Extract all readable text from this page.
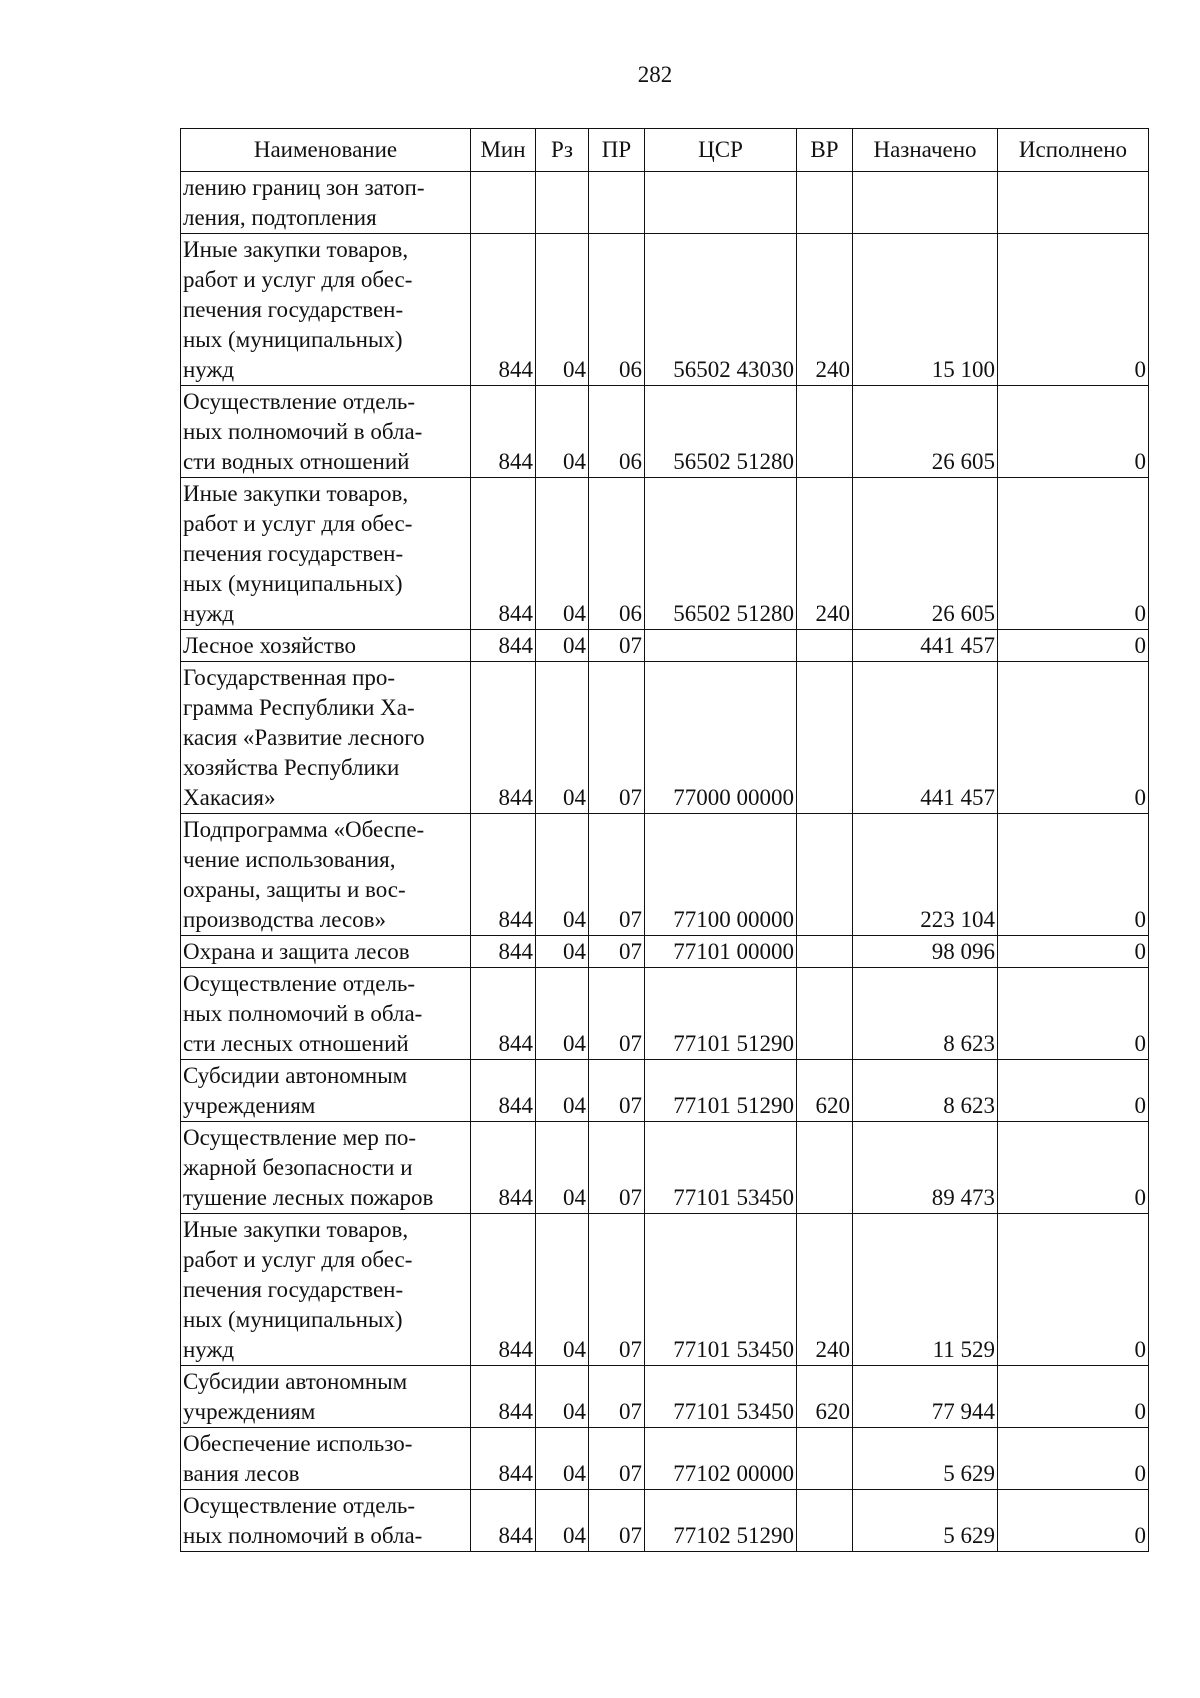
282
Наименование	Мин	Рз	ПР	ЦСР	ВР	Назначено	Исполнено
лению границ зон затоп-
ления, подтопления							
Иные закупки товаров,
работ и услуг для обес-
печения государствен-
ных (муниципальных)
нужд	844	04	06	56502 43030	240	15 100	0
Осуществление отдель-
ных полномочий в обла-
сти водных отношений	844	04	06	56502 51280		26 605	0
Иные закупки товаров,
работ и услуг для обес-
печения государствен-
ных (муниципальных)
нужд	844	04	06	56502 51280	240	26 605	0
Лесное хозяйство	844	04	07			441 457	0
Государственная про-
грамма Республики Ха-
касия «Развитие лесного
хозяйства Республики
Хакасия»	844	04	07	77000 00000		441 457	0
Подпрограмма «Обеспе-
чение использования,
охраны, защиты и вос-
производства лесов»	844	04	07	77100 00000		223 104	0
Охрана и защита лесов	844	04	07	77101 00000		98 096	0
Осуществление отдель-
ных полномочий в обла-
сти лесных отношений	844	04	07	77101 51290		8 623	0
Субсидии автономным
учреждениям	844	04	07	77101 51290	620	8 623	0
Осуществление мер по-
жарной безопасности и
тушение лесных пожаров	844	04	07	77101 53450		89 473	0
Иные закупки товаров,
работ и услуг для обес-
печения государствен-
ных (муниципальных)
нужд	844	04	07	77101 53450	240	11 529	0
Субсидии автономным
учреждениям	844	04	07	77101 53450	620	77 944	0
Обеспечение использо-
вания лесов	844	04	07	77102 00000		5 629	0
Осуществление отдель-
ных полномочий в обла-	844	04	07	77102 51290		5 629	0
